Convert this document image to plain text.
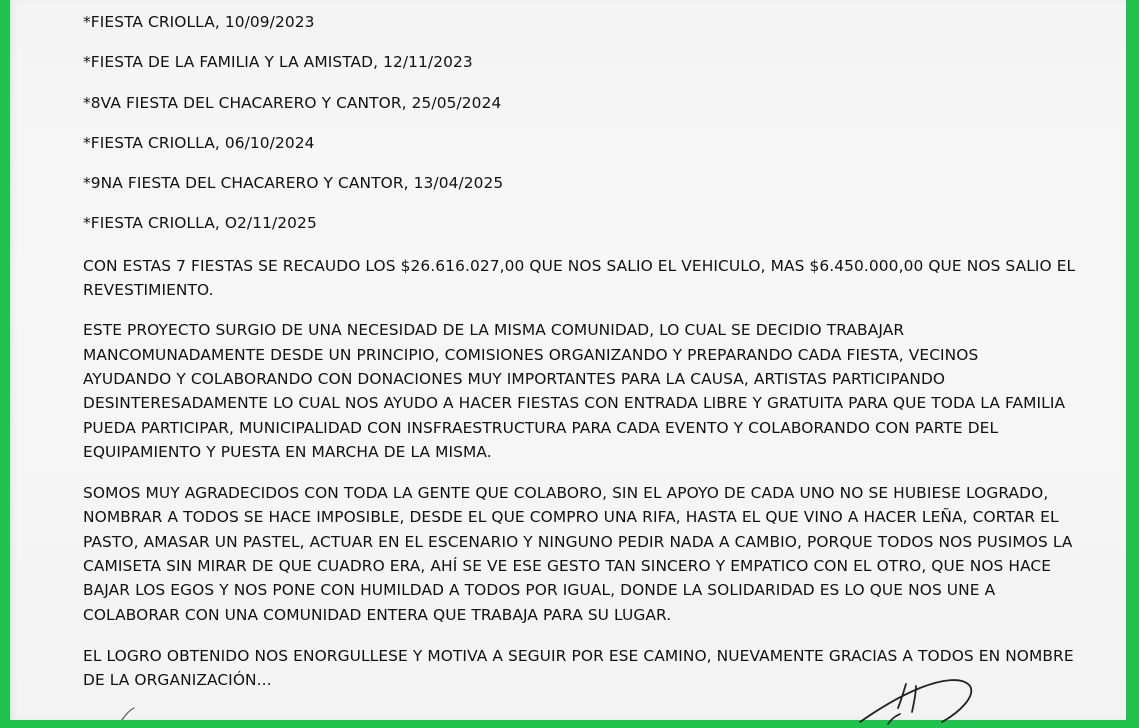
*FIESTA CRIOLLA, 10/09/2023
*FIESTA DE LA FAMILIA Y LA AMISTAD, 12/11/2023
*8VA FIESTA DEL CHACARERO Y CANTOR, 25/05/2024
*FIESTA CRIOLLA, 06/10/2024
*9NA FIESTA DEL CHACARERO Y CANTOR, 13/04/2025
*FIESTA CRIOLLA, O2/11/2025
CON ESTAS 7 FIESTAS SE RECAUDO LOS $26.616.027,00 QUE NOS SALIO EL VEHICULO, MAS $6.450.000,00 QUE NOS SALIO EL
REVESTIMIENTO.
ESTE PROYECTO SURGIO DE UNA NECESIDAD DE LA MISMA COMUNIDAD, LO CUAL SE DECIDIO TRABAJAR
MANCOMUNADAMENTE DESDE UN PRINCIPIO, COMISIONES ORGANIZANDO Y PREPARANDO CADA FIESTA, VECINOS
AYUDANDO Y COLABORANDO CON DONACIONES MUY IMPORTANTES PARA LA CAUSA, ARTISTAS PARTICIPANDO
DESINTERESADAMENTE LO CUAL NOS AYUDO A HACER FIESTAS CON ENTRADA LIBRE Y GRATUITA PARA QUE TODA LA FAMILIA
PUEDA PARTICIPAR, MUNICIPALIDAD CON INSFRAESTRUCTURA PARA CADA EVENTO Y COLABORANDO CON PARTE DEL
EQUIPAMIENTO Y PUESTA EN MARCHA DE LA MISMA.
SOMOS MUY AGRADECIDOS CON TODA LA GENTE QUE COLABORO, SIN EL APOYO DE CADA UNO NO SE HUBIESE LOGRADO,
NOMBRAR A TODOS SE HACE IMPOSIBLE, DESDE EL QUE COMPRO UNA RIFA, HASTA EL QUE VINO A HACER LEÑA, CORTAR EL
PASTO, AMASAR UN PASTEL, ACTUAR EN EL ESCENARIO Y NINGUNO PEDIR NADA A CAMBIO, PORQUE TODOS NOS PUSIMOS LA
CAMISETA SIN MIRAR DE QUE CUADRO ERA, AHÍ SE VE ESE GESTO TAN SINCERO Y EMPATICO CON EL OTRO, QUE NOS HACE
BAJAR LOS EGOS Y NOS PONE CON HUMILDAD A TODOS POR IGUAL, DONDE LA SOLIDARIDAD ES LO QUE NOS UNE A
COLABORAR CON UNA COMUNIDAD ENTERA QUE TRABAJA PARA SU LUGAR.
EL LOGRO OBTENIDO NOS ENORGULLESE Y MOTIVA A SEGUIR POR ESE CAMINO, NUEVAMENTE GRACIAS A TODOS EN NOMBRE
DE LA ORGANIZACIÓN...
